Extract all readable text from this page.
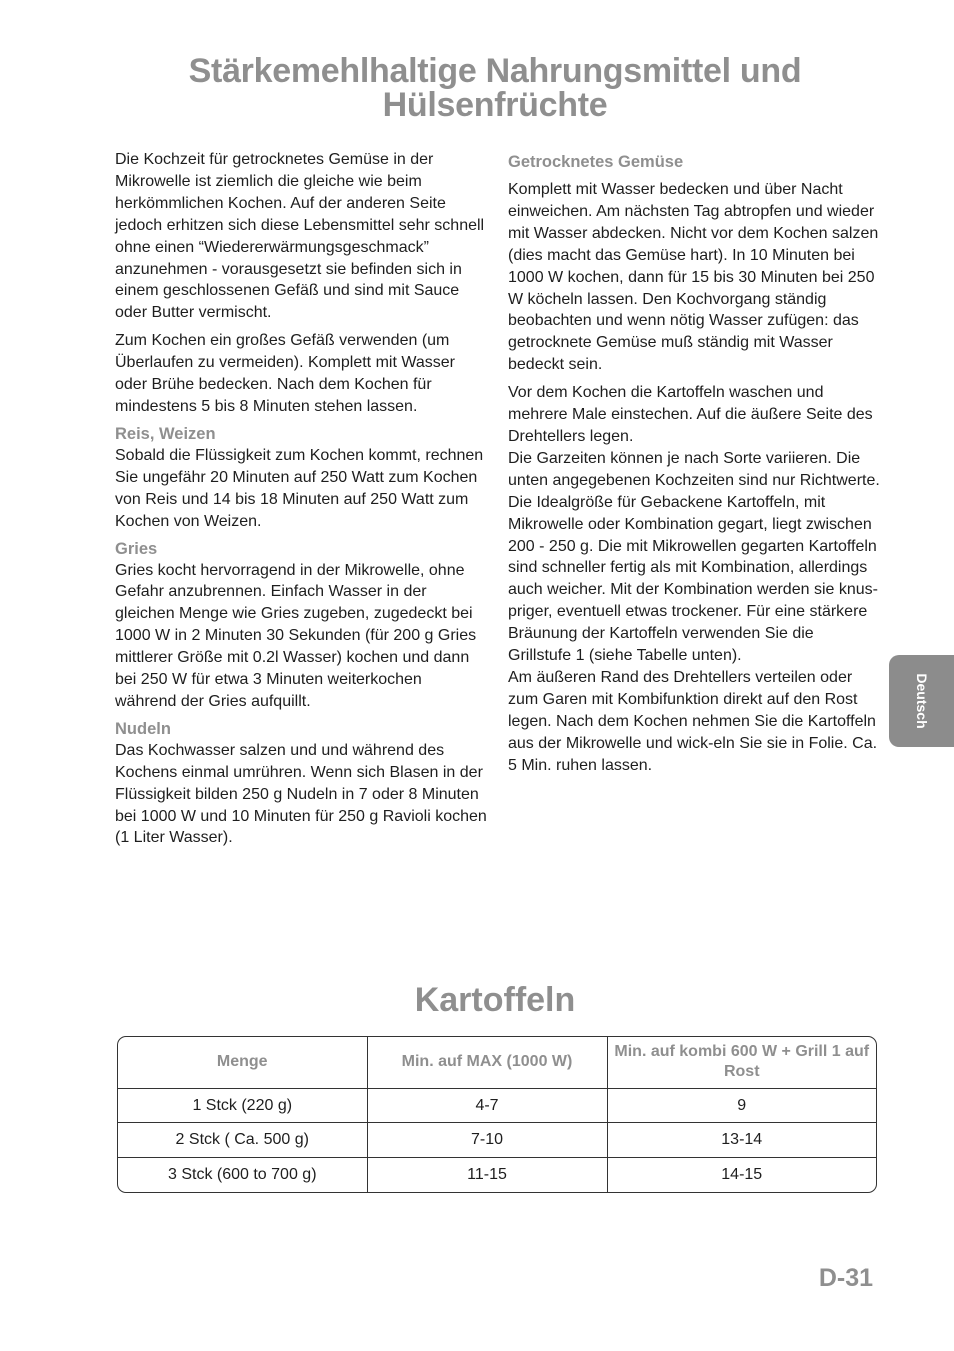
Stärkemehlhaltige Nahrungsmittel und
Hülsenfrüchte

Die Kochzeit für getrocknetes Gemüse in der Mikrowelle ist ziemlich die gleiche wie beim herkömmlichen Kochen. Auf der anderen Seite jedoch erhitzen sich diese Lebensmittel sehr schnell ohne einen “Wiedererwärmungsgeschmack” anzunehmen - vorausgesetzt sie befinden sich in einem geschlossenen Gefäß und sind mit Sauce oder Butter vermischt.

Zum Kochen ein großes Gefäß verwenden (um Überlaufen zu vermeiden). Komplett mit Wasser oder Brühe bedecken. Nach dem Kochen für mindestens 5 bis 8 Minuten stehen lassen.

Reis, Weizen

Sobald die Flüssigkeit zum Kochen kommt, rechnen Sie ungefähr 20 Minuten auf 250 Watt zum Kochen von Reis und 14 bis 18 Minuten auf 250 Watt zum Kochen von Weizen.

Gries

Gries kocht hervorragend in der Mikrowelle, ohne Gefahr anzubrennen. Einfach Wasser in der gleichen Menge wie Gries zugeben, zugedeckt bei 1000 W in 2 Minuten 30 Sekunden (für 200 g Gries mittlerer Größe mit 0.2l Wasser) kochen und dann bei 250 W für etwa 3 Minuten weiterkochen während der Gries aufquillt.

Nudeln

Das Kochwasser salzen und und während des Kochens einmal umrühren. Wenn sich Blasen in der Flüssigkeit bilden 250 g Nudeln in 7 oder 8 Minuten bei 1000 W und 10 Minuten für 250 g Ravioli kochen (1 Liter Wasser).

Getrocknetes Gemüse

Komplett mit Wasser bedecken und über Nacht einweichen. Am nächsten Tag abtropfen und wieder mit Wasser abdecken. Nicht vor dem Kochen salzen (dies macht das Gemüse hart). In 10 Minuten bei 1000 W kochen, dann für 15 bis 30 Minuten bei 250 W köcheln lassen. Den Kochvorgang ständig beobachten und wenn nötig Wasser zufügen: das getrocknete Gemüse muß ständig mit Wasser bedeckt sein.

Vor dem Kochen die Kartoffeln waschen und mehrere Male einstechen. Auf die äußere Seite des Drehtellers legen.

Die Garzeiten können je nach Sorte variieren. Die unten angegebenen Kochzeiten sind nur Richtwerte. Die Idealgröße für Gebackene Kartoffeln, mit Mikrowelle oder Kombination gegart, liegt zwischen 200 - 250 g. Die mit Mikrowellen gegarten Kartoffeln sind schneller fertig als mit Kombination, allerdings auch weicher. Mit der Kombination werden sie knus-priger, eventuell etwas trockener. Für eine stärkere Bräunung der Kartoffeln verwenden Sie die Grillstufe 1 (siehe Tabelle unten).

Am äußeren Rand des Drehtellers verteilen oder zum Garen mit Kombifunktion direkt auf den Rost legen. Nach dem Kochen nehmen Sie die Kartoffeln aus der Mikrowelle und wick-eln Sie sie in Folie. Ca. 5 Min. ruhen lassen.

Kartoffeln
Menge	Min. auf MAX (1000 W)	Min. auf kombi 600 W + Grill 1 auf Rost
1 Stck (220 g)	4-7	9
2 Stck ( Ca. 500 g)	7-10	13-14
3 Stck (600 to 700 g)	11-15	14-15
Deutsch
D-31
